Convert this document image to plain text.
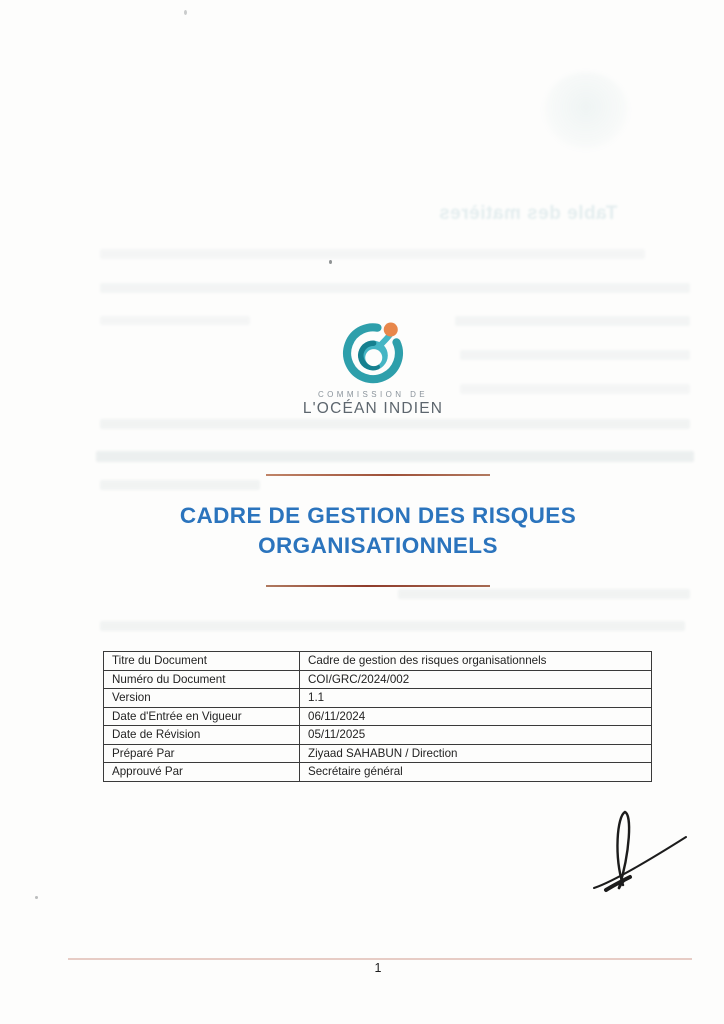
Table des matières
COMMISSION DE
L'OCÉAN INDIEN
CADRE DE GESTION DES RISQUES
ORGANISATIONNELS
Titre du Document	Cadre de gestion des risques organisationnels
Numéro du Document	COI/GRC/2024/002
Version	1.1
Date d'Entrée en Vigueur	06/11/2024
Date de Révision	05/11/2025
Préparé Par	Ziyaad SAHABUN / Direction
Approuvé Par	Secrétaire général
1
